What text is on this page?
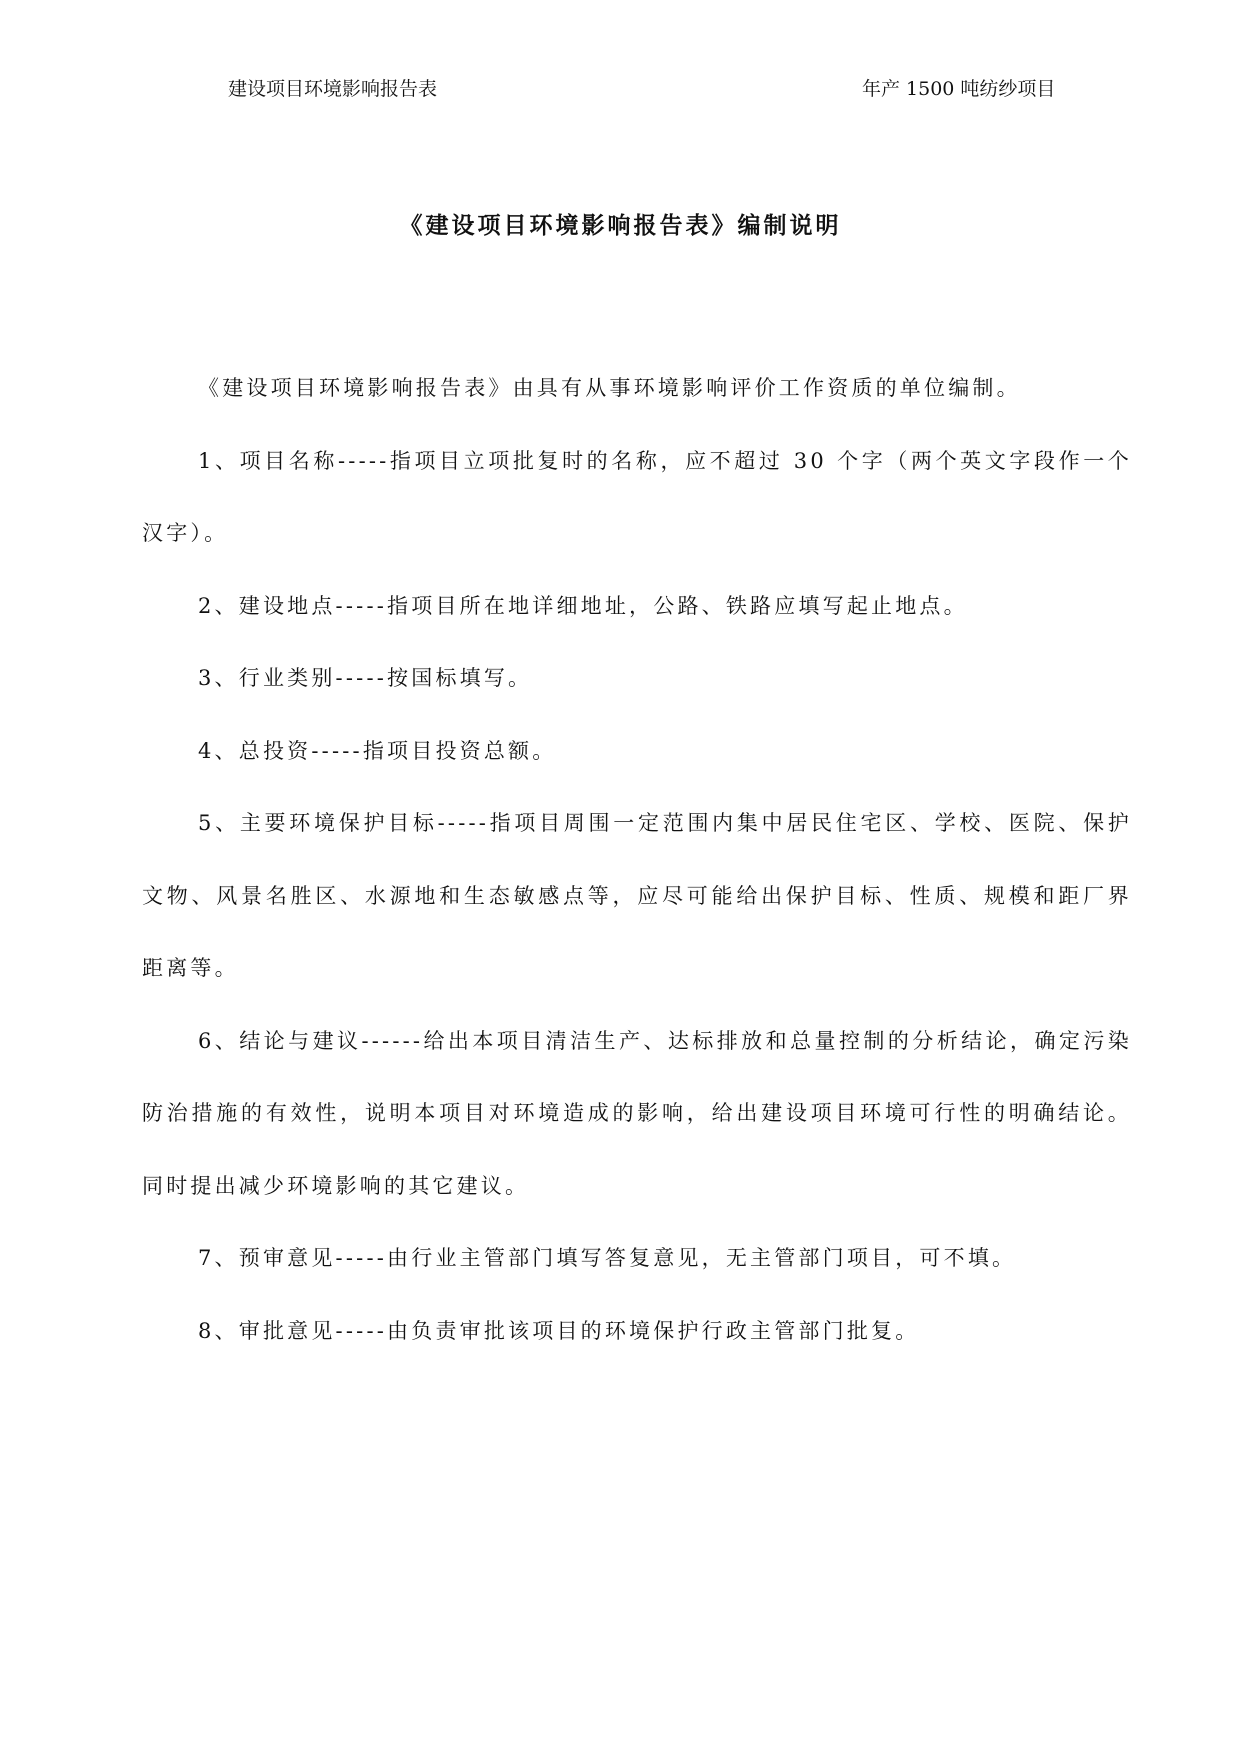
建设项目环境影响报告表	年产 1500 吨纺纱项目
《建设项目环境影响报告表》编制说明

《建设项目环境影响报告表》由具有从事环境影响评价工作资质的单位编制。

1、项目名称-----指项目立项批复时的名称，应不超过 30 个字（两个英文字段作一个汉字）。

2、建设地点-----指项目所在地详细地址，公路、铁路应填写起止地点。

3、行业类别-----按国标填写。

4、总投资-----指项目投资总额。

5、主要环境保护目标-----指项目周围一定范围内集中居民住宅区、学校、医院、保护文物、风景名胜区、水源地和生态敏感点等，应尽可能给出保护目标、性质、规模和距厂界距离等。

6、结论与建议------给出本项目清洁生产、达标排放和总量控制的分析结论，确定污染防治措施的有效性，说明本项目对环境造成的影响，给出建设项目环境可行性的明确结论。同时提出减少环境影响的其它建议。

7、预审意见-----由行业主管部门填写答复意见，无主管部门项目，可不填。

8、审批意见-----由负责审批该项目的环境保护行政主管部门批复。
